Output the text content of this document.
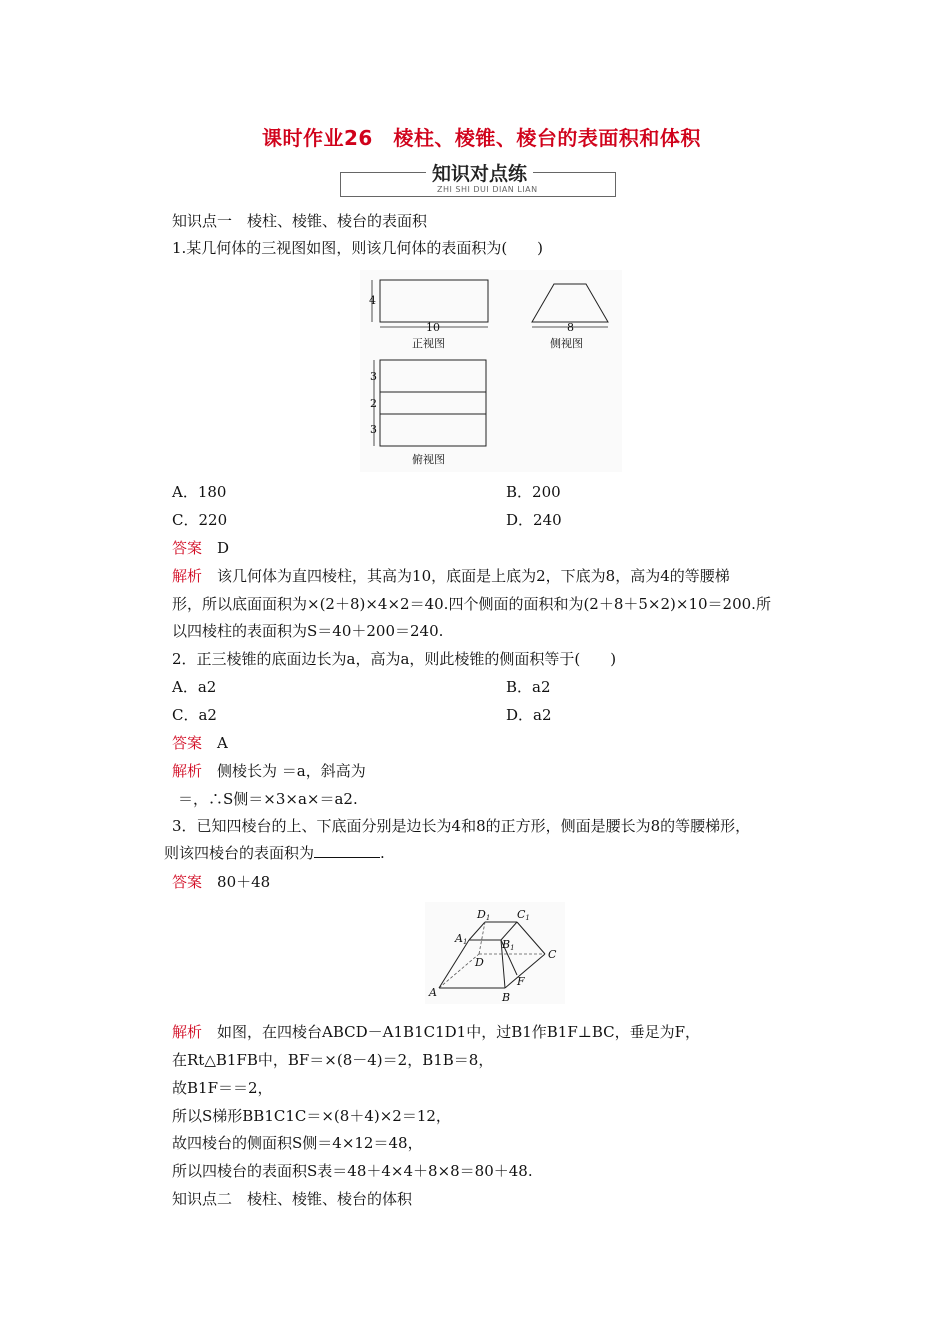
课时作业26　棱柱、棱锥、棱台的表面积和体积
知识对点练
ZHI SHI DUI DIAN LIAN
知识点一　棱柱、棱锥、棱台的表面积
1.某几何体的三视图如图，则该几何体的表面积为(　　)
4
10
正视图
8
侧视图
3
2
3
俯视图
A．180	B．200
C．220	D．240
答案　 D
解析　 该几何体为直四棱柱，其高为10，底面是上底为2，下底为8，高为4的等腰梯
形，所以底面面积为×(2＋8)×4×2＝40.四个侧面的面积和为(2＋8＋5×2)×10＝200.所
以四棱柱的表面积为S＝40＋200＝240.
2．正三棱锥的底面边长为a，高为a，则此棱锥的侧面积等于(　　)
A．a2	B．a2
C．a2	D．a2
答案　 A
解析　 侧棱长为 ＝a，斜高为
＝，∴S侧＝×3×a×＝a2.
3．已知四棱台的上、下底面分别是边长为4和8的正方形，侧面是腰长为8的等腰梯形，
则该四棱台的表面积为	.
答案　 80＋48
A	B
C
D
F
A1	B1
C1
D1
解析　 如图，在四棱台ABCD－A1B1C1D1中，过B1作B1F⊥BC，垂足为F，
在Rt△B1FB中，BF＝×(8－4)＝2，B1B＝8，
故B1F＝＝2，
所以S梯形BB1C1C＝×(8＋4)×2＝12，
故四棱台的侧面积S侧＝4×12＝48，
所以四棱台的表面积S表＝48＋4×4＋8×8＝80＋48.
知识点二　棱柱、棱锥、棱台的体积
